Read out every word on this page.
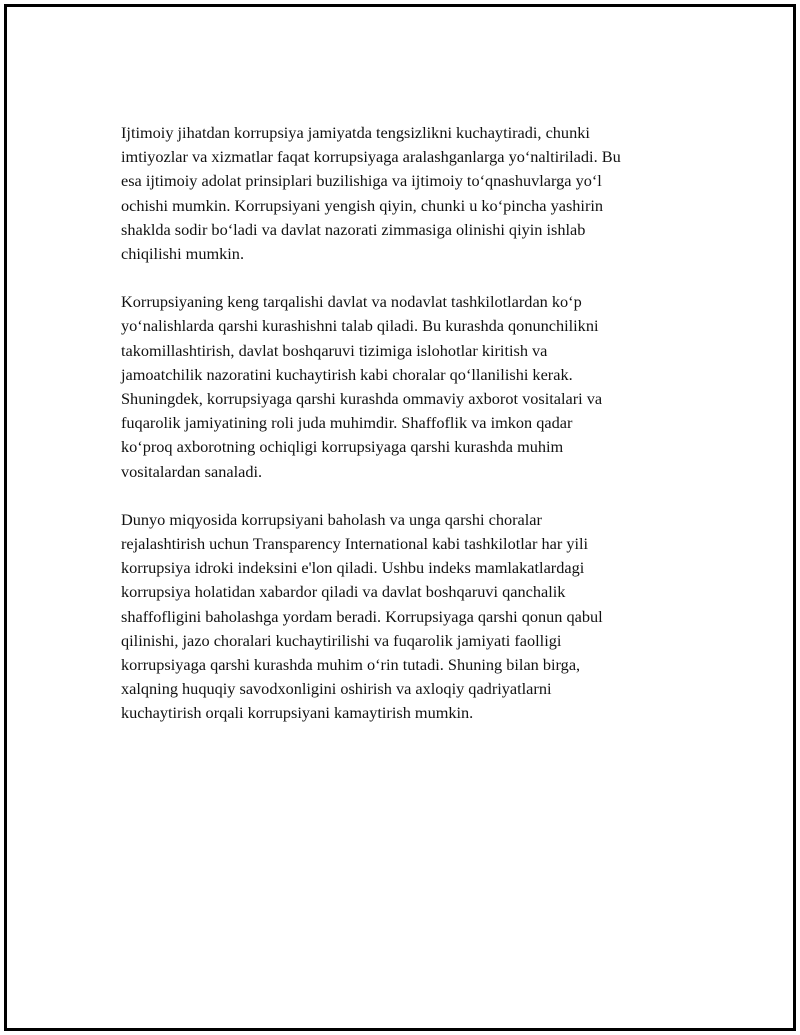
Ijtimoiy jihatdan korrupsiya jamiyatda tengsizlikni kuchaytiradi, chunki
imtiyozlar va xizmatlar faqat korrupsiyaga aralashganlarga yo‘naltiriladi. Bu
esa ijtimoiy adolat prinsiplari buzilishiga va ijtimoiy to‘qnashuvlarga yo‘l
ochishi mumkin. Korrupsiyani yengish qiyin, chunki u ko‘pincha yashirin
shaklda sodir bo‘ladi va davlat nazorati zimmasiga olinishi qiyin ishlab
chiqilishi mumkin.

Korrupsiyaning keng tarqalishi davlat va nodavlat tashkilotlardan ko‘p
yo‘nalishlarda qarshi kurashishni talab qiladi. Bu kurashda qonunchilikni
takomillashtirish, davlat boshqaruvi tizimiga islohotlar kiritish va
jamoatchilik nazoratini kuchaytirish kabi choralar qo‘llanilishi kerak.
Shuningdek, korrupsiyaga qarshi kurashda ommaviy axborot vositalari va
fuqarolik jamiyatining roli juda muhimdir. Shaffoflik va imkon qadar
ko‘proq axborotning ochiqligi korrupsiyaga qarshi kurashda muhim
vositalardan sanaladi.

Dunyo miqyosida korrupsiyani baholash va unga qarshi choralar
rejalashtirish uchun Transparency International kabi tashkilotlar har yili
korrupsiya idroki indeksini e'lon qiladi. Ushbu indeks mamlakatlardagi
korrupsiya holatidan xabardor qiladi va davlat boshqaruvi qanchalik
shaffofligini baholashga yordam beradi. Korrupsiyaga qarshi qonun qabul
qilinishi, jazo choralari kuchaytirilishi va fuqarolik jamiyati faolligi
korrupsiyaga qarshi kurashda muhim o‘rin tutadi. Shuning bilan birga,
xalqning huquqiy savodxonligini oshirish va axloqiy qadriyatlarni
kuchaytirish orqali korrupsiyani kamaytirish mumkin.
